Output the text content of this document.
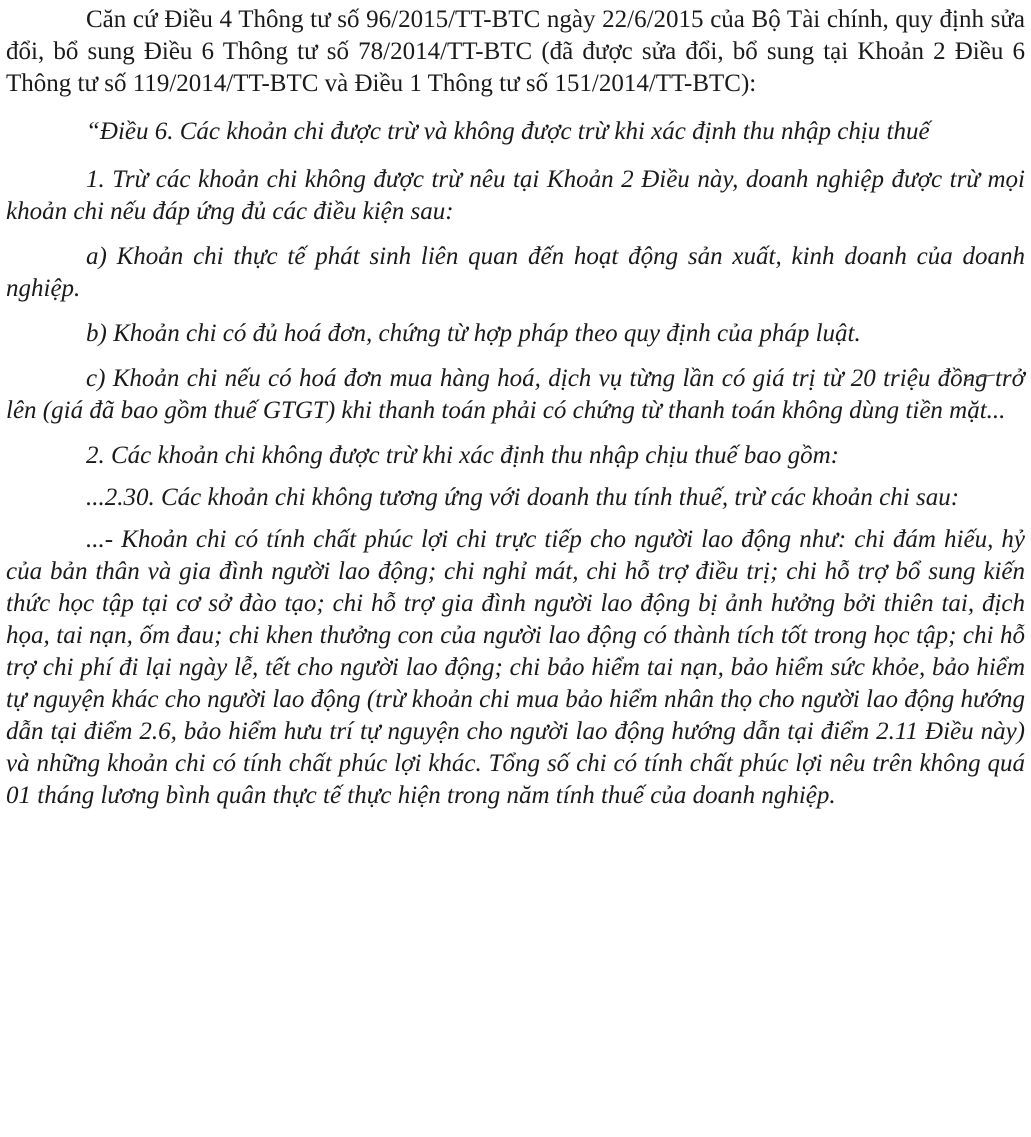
Căn cứ Điều 4 Thông tư số 96/2015/TT-BTC ngày 22/6/2015 của Bộ Tài chính, quy định sửa đổi, bổ sung Điều 6 Thông tư số 78/2014/TT-BTC (đã được sửa đổi, bổ sung tại Khoản 2 Điều 6 Thông tư số 119/2014/TT-BTC và Điều 1 Thông tư số 151/2014/TT-BTC):

“Điều 6. Các khoản chi được trừ và không được trừ khi xác định thu nhập chịu thuế

1. Trừ các khoản chi không được trừ nêu tại Khoản 2 Điều này, doanh nghiệp được trừ mọi khoản chi nếu đáp ứng đủ các điều kiện sau:

a) Khoản chi thực tế phát sinh liên quan đến hoạt động sản xuất, kinh doanh của doanh nghiệp.

b) Khoản chi có đủ hoá đơn, chứng từ hợp pháp theo quy định của pháp luật.

c) Khoản chi nếu có hoá đơn mua hàng hoá, dịch vụ từng lần có giá trị từ 20 triệu đồng trở lên (giá đã bao gồm thuế GTGT) khi thanh toán phải có chứng từ thanh toán không dùng tiền mặt...

2. Các khoản chi không được trừ khi xác định thu nhập chịu thuế bao gồm:

...2.30. Các khoản chi không tương ứng với doanh thu tính thuế, trừ các khoản chi sau:

...- Khoản chi có tính chất phúc lợi chi trực tiếp cho người lao động như: chi đám hiếu, hỷ của bản thân và gia đình người lao động; chi nghỉ mát, chi hỗ trợ điều trị; chi hỗ trợ bổ sung kiến thức học tập tại cơ sở đào tạo; chi hỗ trợ gia đình người lao động bị ảnh hưởng bởi thiên tai, địch họa, tai nạn, ốm đau; chi khen thưởng con của người lao động có thành tích tốt trong học tập; chi hỗ trợ chi phí đi lại ngày lễ, tết cho người lao động; chi bảo hiểm tai nạn, bảo hiểm sức khỏe, bảo hiểm tự nguyện khác cho người lao động (trừ khoản chi mua bảo hiểm nhân thọ cho người lao động hướng dẫn tại điểm 2.6, bảo hiểm hưu trí tự nguyện cho người lao động hướng dẫn tại điểm 2.11 Điều này) và những khoản chi có tính chất phúc lợi khác. Tổng số chi có tính chất phúc lợi nêu trên không quá 01 tháng lương bình quân thực tế thực hiện trong năm tính thuế của doanh nghiệp.
